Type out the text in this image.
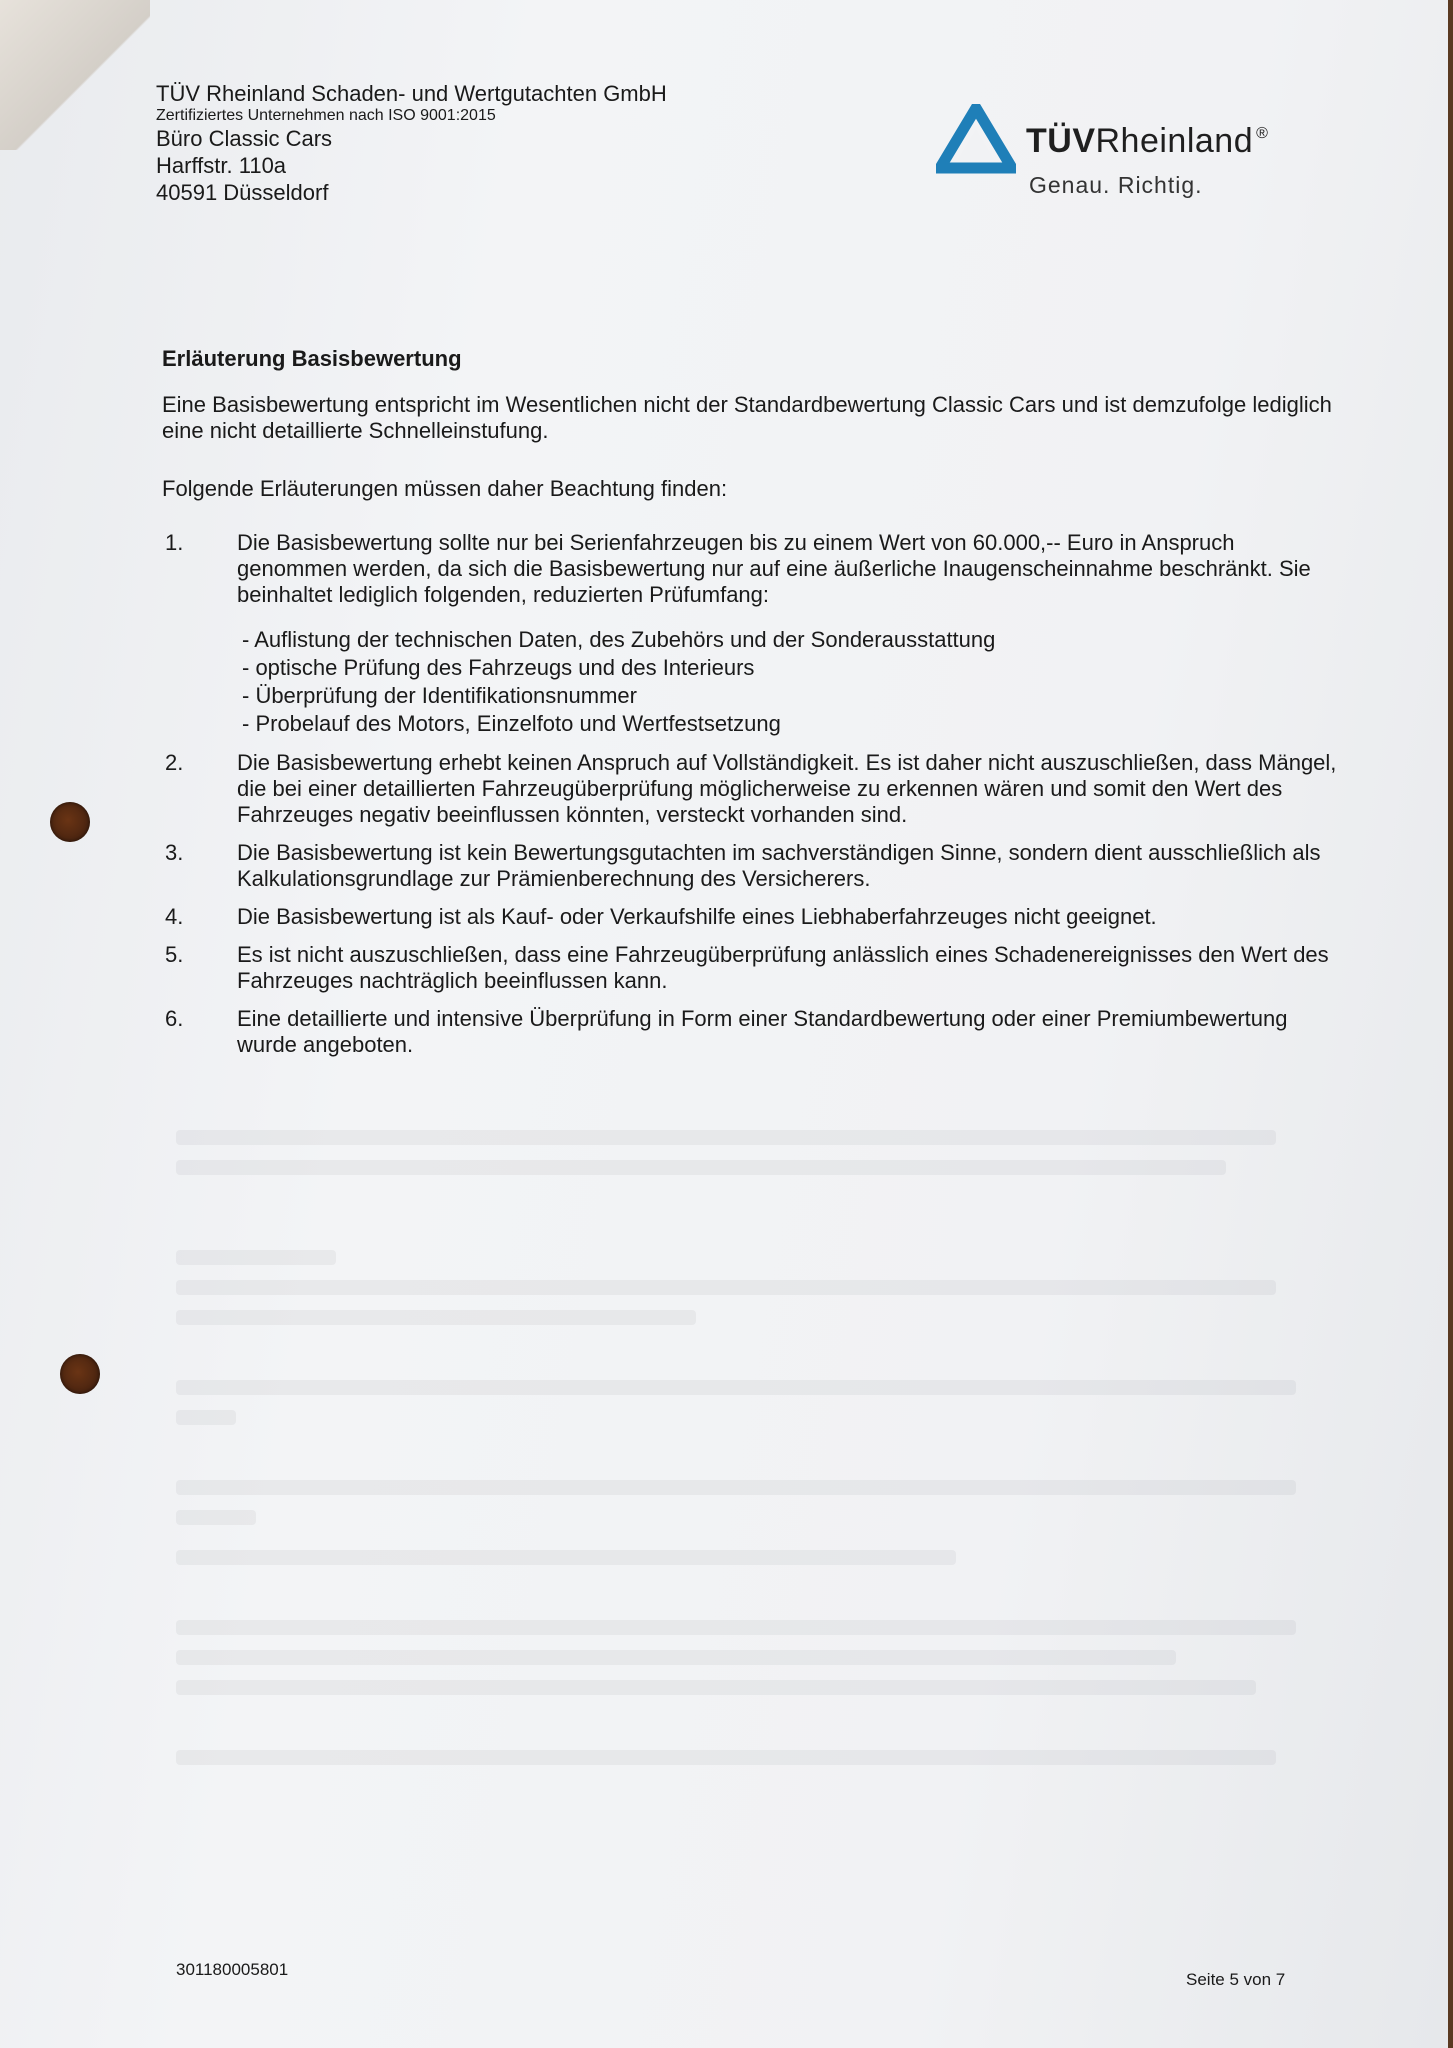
TÜV Rheinland Schaden- und Wertgutachten GmbH
Zertifiziertes Unternehmen nach ISO 9001:2015
Büro Classic Cars
Harffstr. 110a
40591 Düsseldorf
TÜVRheinland ®
Genau. Richtig.

Erläuterung Basisbewertung

Eine Basisbewertung entspricht im Wesentlichen nicht der Standardbewertung Classic Cars und ist demzufolge lediglich eine nicht detaillierte Schnelleinstufung.

Folgende Erläuterungen müssen daher Beachtung finden:

1. Die Basisbewertung sollte nur bei Serienfahrzeugen bis zu einem Wert von 60.000,-- Euro in Anspruch genommen werden, da sich die Basisbewertung nur auf eine äußerliche Inaugenscheinnahme beschränkt. Sie beinhaltet lediglich folgenden, reduzierten Prüfumfang:
- Auflistung der technischen Daten, des Zubehörs und der Sonderausstattung
- optische Prüfung des Fahrzeugs und des Interieurs
- Überprüfung der Identifikationsnummer
- Probelauf des Motors, Einzelfoto und Wertfestsetzung
2. Die Basisbewertung erhebt keinen Anspruch auf Vollständigkeit. Es ist daher nicht auszuschließen, dass Mängel, die bei einer detaillierten Fahrzeugüberprüfung möglicherweise zu erkennen wären und somit den Wert des Fahrzeuges negativ beeinflussen könnten, versteckt vorhanden sind.
3. Die Basisbewertung ist kein Bewertungsgutachten im sachverständigen Sinne, sondern dient ausschließlich als Kalkulationsgrundlage zur Prämienberechnung des Versicherers.
4. Die Basisbewertung ist als Kauf- oder Verkaufshilfe eines Liebhaberfahrzeuges nicht geeignet.
5. Es ist nicht auszuschließen, dass eine Fahrzeugüberprüfung anlässlich eines Schadenereignisses den Wert des Fahrzeuges nachträglich beeinflussen kann.
6. Eine detaillierte und intensive Überprüfung in Form einer Standardbewertung oder einer Premiumbewertung wurde angeboten.
301180005801
Seite 5 von 7
